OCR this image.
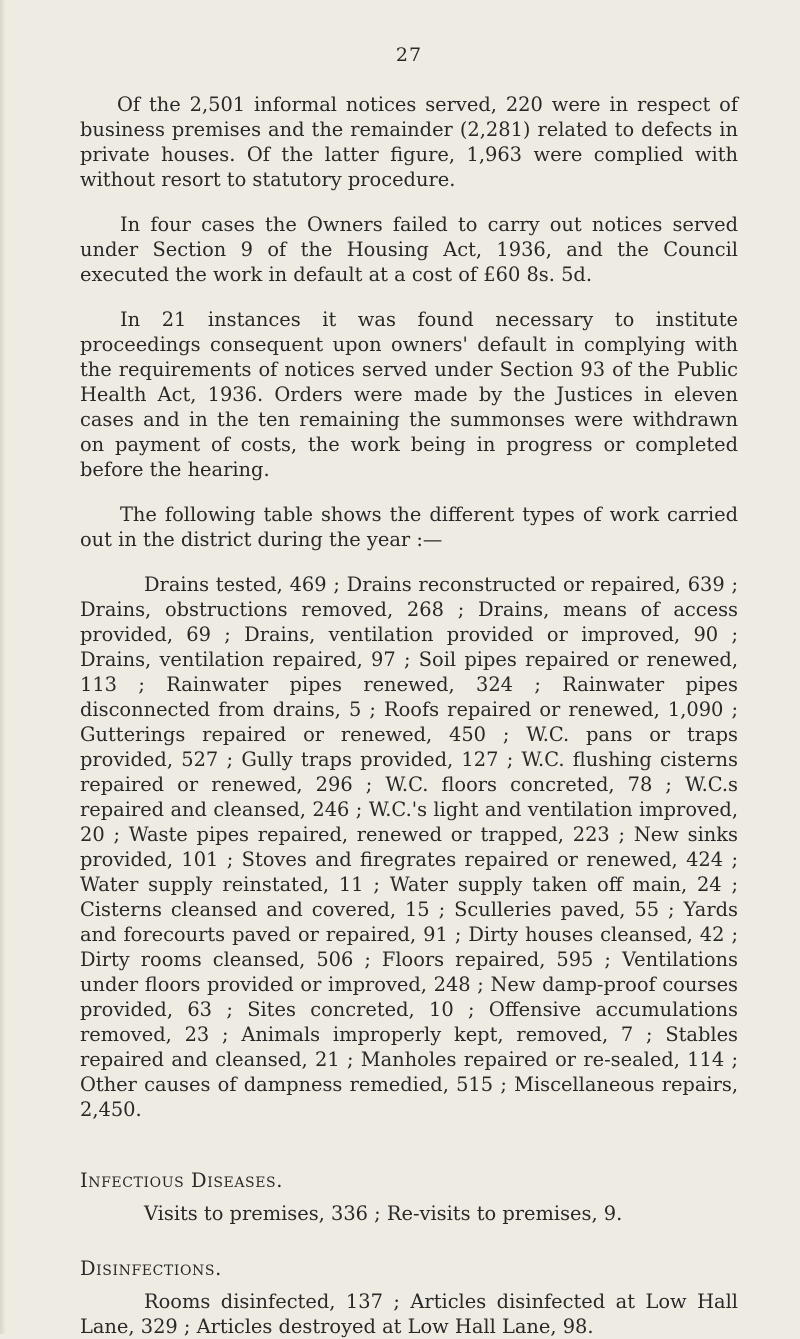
27

Of the 2,501 informal notices served, 220 were in respect of business premises and the remainder (2,281) related to defects in private houses. Of the latter figure, 1,963 were complied with without resort to statutory procedure.

In four cases the Owners failed to carry out notices served under Section 9 of the Housing Act, 1936, and the Council executed the work in default at a cost of £60 8s. 5d.

In 21 instances it was found necessary to institute proceedings consequent upon owners' default in complying with the requirements of notices served under Section 93 of the Public Health Act, 1936. Orders were made by the Justices in eleven cases and in the ten remaining the summonses were withdrawn on payment of costs, the work being in progress or completed before the hearing.

The following table shows the different types of work carried out in the district during the year :—

Drains tested, 469 ; Drains reconstructed or repaired, 639 ; Drains, obstructions removed, 268 ; Drains, means of access provided, 69 ; Drains, ventilation provided or improved, 90 ; Drains, ventilation repaired, 97 ; Soil pipes repaired or renewed, 113 ; Rainwater pipes renewed, 324 ; Rainwater pipes disconnected from drains, 5 ; Roofs repaired or renewed, 1,090 ; Gutterings repaired or renewed, 450 ; W.C. pans or traps provided, 527 ; Gully traps provided, 127 ; W.C. flushing cisterns repaired or renewed, 296 ; W.C. floors concreted, 78 ; W.C.s repaired and cleansed, 246 ; W.C.'s light and ventilation improved, 20 ; Waste pipes repaired, renewed or trapped, 223 ; New sinks provided, 101 ; Stoves and firegrates repaired or renewed, 424 ; Water supply reinstated, 11 ; Water supply taken off main, 24 ; Cisterns cleansed and covered, 15 ; Sculleries paved, 55 ; Yards and forecourts paved or repaired, 91 ; Dirty houses cleansed, 42 ; Dirty rooms cleansed, 506 ; Floors repaired, 595 ; Ventilations under floors provided or improved, 248 ; New damp-proof courses provided, 63 ; Sites concreted, 10 ; Offensive accumulations removed, 23 ; Animals improperly kept, removed, 7 ; Stables repaired and cleansed, 21 ; Manholes repaired or re-sealed, 114 ; Other causes of dampness remedied, 515 ; Miscellaneous repairs, 2,450.

Infectious Diseases.

Visits to premises, 336 ; Re-visits to premises, 9.

Disinfections.

Rooms disinfected, 137 ; Articles disinfected at Low Hall Lane, 329 ; Articles destroyed at Low Hall Lane, 98.
